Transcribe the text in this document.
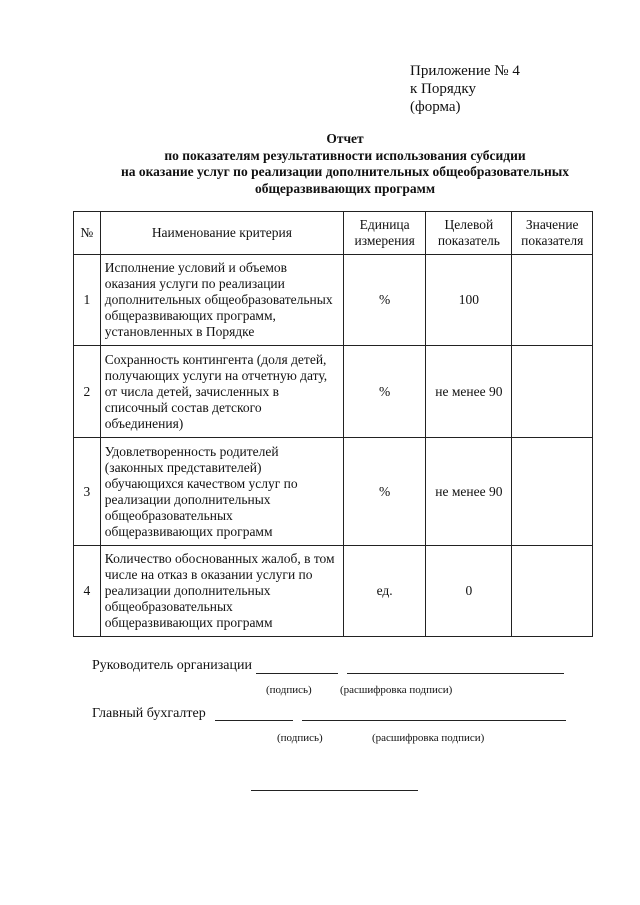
Приложение № 4
к Порядку
(форма)
Отчет
по показателям результативности использования субсидии
на оказание услуг по реализации дополнительных общеобразовательных
общеразвивающих программ
№	Наименование критерия	Единица измерения	Целевой показатель	Значение показателя
1	Исполнение условий и объемов оказания услуги по реализации дополнительных общеобразовательных общеразвивающих программ, установленных в Порядке	%	100	
2	Сохранность контингента (доля детей, получающих услуги на отчетную дату, от числа детей, зачисленных в списочный состав детского объединения)	%	не менее 90	
3	Удовлетворенность родителей (законных представителей) обучающихся качеством услуг по реализации дополнительных общеобразовательных общеразвивающих программ	%	не менее 90	
4	Количество обоснованных жалоб, в том числе на отказ в оказании услуги по реализации дополнительных общеобразовательных общеразвивающих программ	ед.	0	
Руководитель организации
(подпись)	(расшифровка подписи)
Главный бухгалтер
(подпись)	(расшифровка подписи)
